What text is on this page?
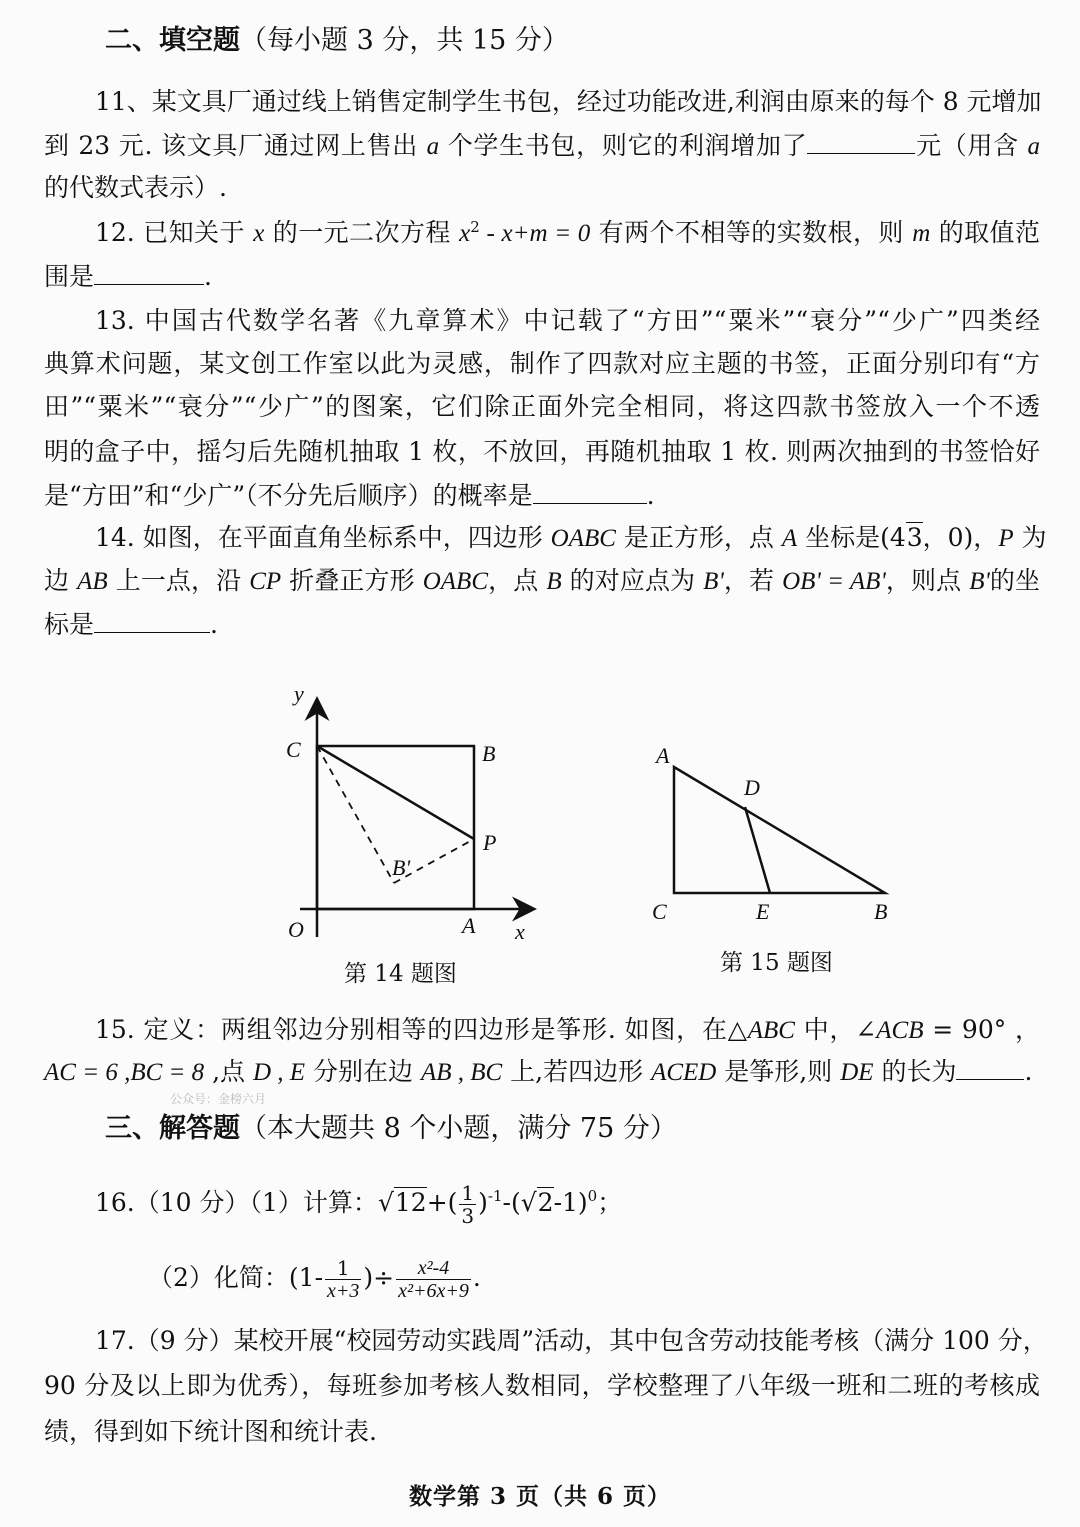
二、填空题（每小题 3 分，共 15 分）
11、某文具厂通过线上销售定制学生书包，经过功能改进,利润由原来的每个 8 元增加
到 23 元. 该文具厂通过网上售出 a 个学生书包，则它的利润增加了	元（用含 a
的代数式表示）.
12. 已知关于 x 的一元二次方程 $x^2 - x+m = 0$ 有两个不相等的实数根，则 m 的取值范
围是	.
13. 中国古代数学名著《九章算术》中记载了“方田”“粟米”“衰分”“少广”四类经
典算术问题，某文创工作室以此为灵感，制作了四款对应主题的书签，正面分别印有“方
田”“粟米”“衰分”“少广”的图案，它们除正面外完全相同，将这四款书签放入一个不透
明的盒子中，摇匀后先随机抽取 1 枚，不放回，再随机抽取 1 枚. 则两次抽到的书签恰好
是“方田”和“少广”（不分先后顺序）的概率是	.
14. 如图，在平面直角坐标系中，四边形 OABC 是正方形，点 A 坐标是(43，0)，P 为
边 AB 上一点，沿 CP 折叠正方形 OABC，点 B 的对应点为 B'，若 OB' = AB'，则点 B'的坐
标是	.
y
C	B
P
B'
O	A x
第 14 题图
A
D
C	E	B
第 15 题图
15. 定义：两组邻边分别相等的四边形是筝形. 如图，在△ABC 中，∠ACB = 90° ，
AC = 6 ,BC = 8 ,点 D , E 分别在边 AB , BC 上,若四边形 ACED 是筝形,则 DE 的长为	.
公众号：金榜六月
三、解答题（本大题共 8 个小题，满分 75 分）
16.（10 分）（1）计算：$√12+( \frac{1}{3} )^{-1}-(√2-1)^0$；
（2）化简：($1- \frac{1}{x+3}$ )÷ $\frac{\text{x²-4}}{\text{x²+6x+9}}$ .
17.（9 分）某校开展“校园劳动实践周”活动，其中包含劳动技能考核（满分 100 分，
90 分及以上即为优秀），每班参加考核人数相同，学校整理了八年级一班和二班的考核成
绩，得到如下统计图和统计表.
数学第 3 页（共 6 页）
